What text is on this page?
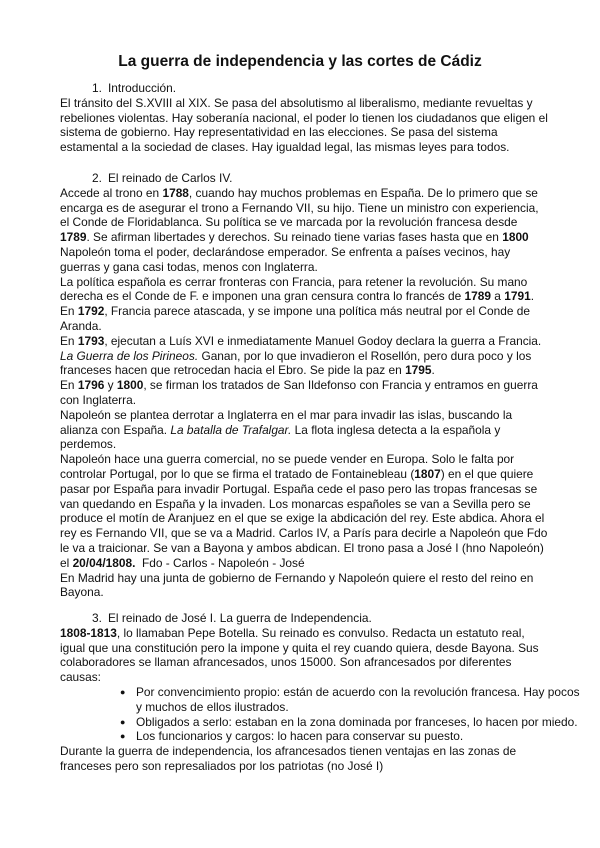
La guerra de independencia y las cortes de Cádiz
1. Introducción.
El tránsito del S.XVIII al XIX. Se pasa del absolutismo al liberalismo, mediante revueltas y
rebeliones violentas. Hay soberanía nacional, el poder lo tienen los ciudadanos que eligen el
sistema de gobierno. Hay representatividad en las elecciones. Se pasa del sistema
estamental a la sociedad de clases. Hay igualdad legal, las mismas leyes para todos.
2. El reinado de Carlos IV.
Accede al trono en 1788, cuando hay muchos problemas en España. De lo primero que se
encarga es de asegurar el trono a Fernando VII, su hijo. Tiene un ministro con experiencia,
el Conde de Floridablanca. Su política se ve marcada por la revolución francesa desde
1789. Se afirman libertades y derechos. Su reinado tiene varias fases hasta que en 1800
Napoleón toma el poder, declarándose emperador. Se enfrenta a países vecinos, hay
guerras y gana casi todas, menos con Inglaterra.
La política española es cerrar fronteras con Francia, para retener la revolución. Su mano
derecha es el Conde de F. e imponen una gran censura contra lo francés de 1789 a 1791.
En 1792, Francia parece atascada, y se impone una política más neutral por el Conde de
Aranda.
En 1793, ejecutan a Luís XVI e inmediatamente Manuel Godoy declara la guerra a Francia.
La Guerra de los Pirineos. Ganan, por lo que invadieron el Rosellón, pero dura poco y los
franceses hacen que retrocedan hacia el Ebro. Se pide la paz en 1795.
En 1796 y 1800, se firman los tratados de San Ildefonso con Francia y entramos en guerra
con Inglaterra.
Napoleón se plantea derrotar a Inglaterra en el mar para invadir las islas, buscando la
alianza con España. La batalla de Trafalgar. La flota inglesa detecta a la española y
perdemos.
Napoleón hace una guerra comercial, no se puede vender en Europa. Solo le falta por
controlar Portugal, por lo que se firma el tratado de Fontainebleau (1807) en el que quiere
pasar por España para invadir Portugal. España cede el paso pero las tropas francesas se
van quedando en España y la invaden. Los monarcas españoles se van a Sevilla pero se
produce el motín de Aranjuez en el que se exige la abdicación del rey. Este abdica. Ahora el
rey es Fernando VII, que se va a Madrid. Carlos IV, a París para decirle a Napoleón que Fdo
le va a traicionar. Se van a Bayona y ambos abdican. El trono pasa a José I (hno Napoleón)
el 20/04/1808.  Fdo - Carlos - Napoleón - José
En Madrid hay una junta de gobierno de Fernando y Napoleón quiere el resto del reino en
Bayona.
3. El reinado de José I. La guerra de Independencia.
1808-1813, lo llamaban Pepe Botella. Su reinado es convulso. Redacta un estatuto real,
igual que una constitución pero la impone y quita el rey cuando quiera, desde Bayona. Sus
colaboradores se llaman afrancesados, unos 15000. Son afrancesados por diferentes
causas:
● Por convencimiento propio: están de acuerdo con la revolución francesa. Hay pocos
y muchos de ellos ilustrados.
● Obligados a serlo: estaban en la zona dominada por franceses, lo hacen por miedo.
● Los funcionarios y cargos: lo hacen para conservar su puesto.
Durante la guerra de independencia, los afrancesados tienen ventajas en las zonas de
franceses pero son represaliados por los patriotas (no José I)
